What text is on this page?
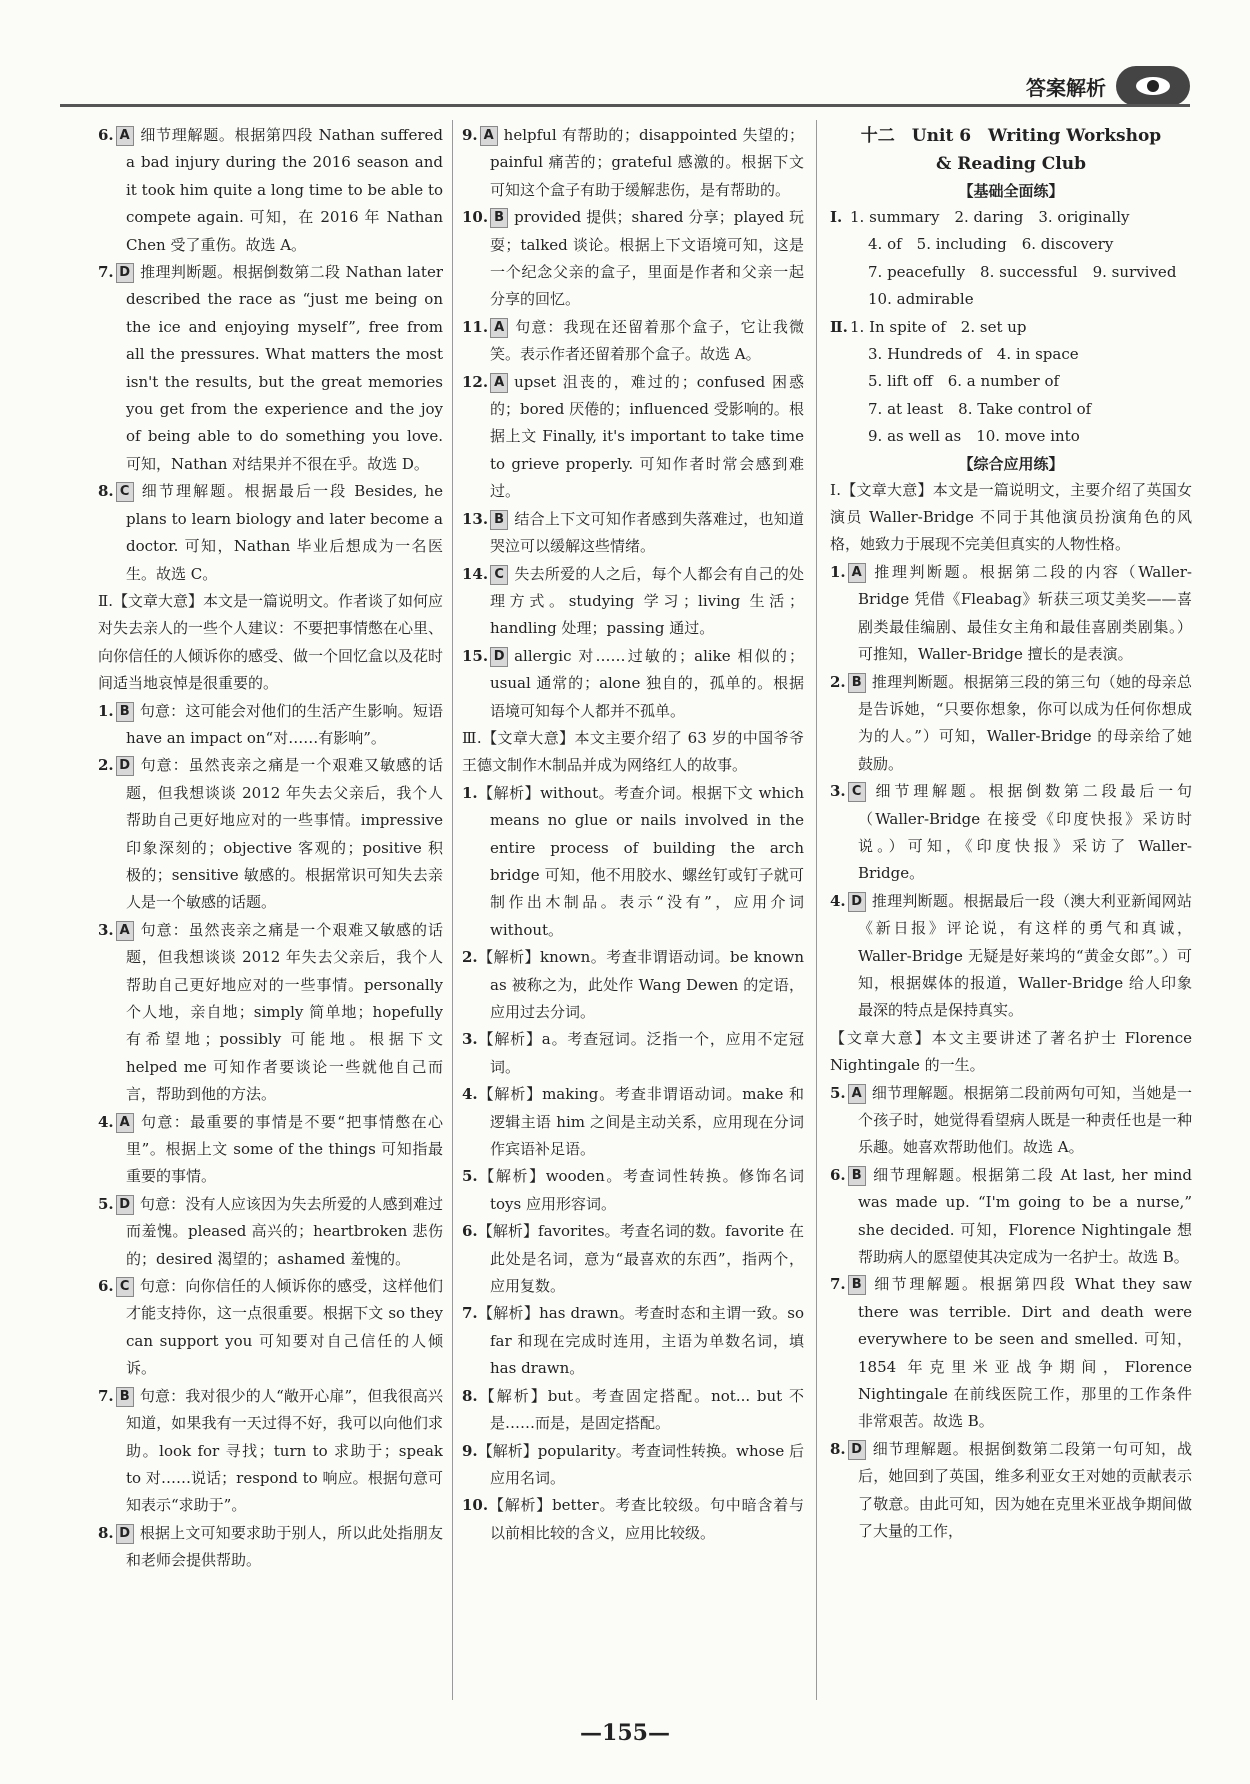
答案解析

6. A 细节理解题。根据第四段 Nathan suffered a bad injury during the 2016 season and it took him quite a long time to be able to compete again. 可知，在 2016 年 Nathan Chen 受了重伤。故选 A。

7. D 推理判断题。根据倒数第二段 Nathan later described the race as “just me being on the ice and enjoying myself”, free from all the pressures. What matters the most isn't the results, but the great memories you get from the experience and the joy of being able to do something you love. 可知，Nathan 对结果并不很在乎。故选 D。

8. C 细节理解题。根据最后一段 Besides, he plans to learn biology and later become a doctor. 可知，Nathan 毕业后想成为一名医生。故选 C。

Ⅱ.【文章大意】本文是一篇说明文。作者谈了如何应对失去亲人的一些个人建议：不要把事情憋在心里、向你信任的人倾诉你的感受、做一个回忆盒以及花时间适当地哀悼是很重要的。

1. B 句意：这可能会对他们的生活产生影响。短语 have an impact on“对……有影响”。

2. D 句意：虽然丧亲之痛是一个艰难又敏感的话题，但我想谈谈 2012 年失去父亲后，我个人帮助自己更好地应对的一些事情。impressive 印象深刻的；objective 客观的；positive 积极的；sensitive 敏感的。根据常识可知失去亲人是一个敏感的话题。

3. A 句意：虽然丧亲之痛是一个艰难又敏感的话题，但我想谈谈 2012 年失去父亲后，我个人帮助自己更好地应对的一些事情。personally 个人地，亲自地；simply 简单地；hopefully 有希望地；possibly 可能地。根据下文 helped me 可知作者要谈论一些就他自己而言，帮助到他的方法。

4. A 句意：最重要的事情是不要“把事情憋在心里”。根据上文 some of the things 可知指最重要的事情。

5. D 句意：没有人应该因为失去所爱的人感到难过而羞愧。pleased 高兴的；heartbroken 悲伤的；desired 渴望的；ashamed 羞愧的。

6. C 句意：向你信任的人倾诉你的感受，这样他们才能支持你，这一点很重要。根据下文 so they can support you 可知要对自己信任的人倾诉。

7. B 句意：我对很少的人“敞开心扉”，但我很高兴知道，如果我有一天过得不好，我可以向他们求助。look for 寻找；turn to 求助于；speak to 对……说话；respond to 响应。根据句意可知表示“求助于”。

8. D 根据上文可知要求助于别人，所以此处指朋友和老师会提供帮助。

9. A helpful 有帮助的；disappointed 失望的；painful 痛苦的；grateful 感激的。根据下文可知这个盒子有助于缓解悲伤，是有帮助的。

10. B provided 提供；shared 分享；played 玩耍；talked 谈论。根据上下文语境可知，这是一个纪念父亲的盒子，里面是作者和父亲一起分享的回忆。

11. A 句意：我现在还留着那个盒子，它让我微笑。表示作者还留着那个盒子。故选 A。

12. A upset 沮丧的，难过的；confused 困惑的；bored 厌倦的；influenced 受影响的。根据上文 Finally, it's important to take time to grieve properly. 可知作者时常会感到难过。

13. B 结合上下文可知作者感到失落难过，也知道哭泣可以缓解这些情绪。

14. C 失去所爱的人之后，每个人都会有自己的处理方式。studying 学习；living 生活；handling 处理；passing 通过。

15. D allergic 对……过敏的；alike 相似的；usual 通常的；alone 独自的，孤单的。根据语境可知每个人都并不孤单。

Ⅲ.【文章大意】本文主要介绍了 63 岁的中国爷爷王德文制作木制品并成为网络红人的故事。

1.【解析】without。考查介词。根据下文 which means no glue or nails involved in the entire process of building the arch bridge 可知，他不用胶水、螺丝钉或钉子就可制作出木制品。表示“没有”，应用介词 without。

2.【解析】known。考查非谓语动词。be known as 被称之为，此处作 Wang Dewen 的定语，应用过去分词。

3.【解析】a。考查冠词。泛指一个，应用不定冠词。

4.【解析】making。考查非谓语动词。make 和逻辑主语 him 之间是主动关系，应用现在分词作宾语补足语。

5.【解析】wooden。考查词性转换。修饰名词 toys 应用形容词。

6.【解析】favorites。考查名词的数。favorite 在此处是名词，意为“最喜欢的东西”，指两个，应用复数。

7.【解析】has drawn。考查时态和主谓一致。so far 和现在完成时连用，主语为单数名词，填 has drawn。

8.【解析】but。考查固定搭配。not... but 不是……而是，是固定搭配。

9.【解析】popularity。考查词性转换。whose 后应用名词。

10.【解析】better。考查比较级。句中暗含着与以前相比较的含义，应用比较级。

十二　Unit 6　Writing Workshop

& Reading Club

【基础全面练】

Ⅰ. 1. summary　2. daring　3. originally

4. of　5. including　6. discovery

7. peacefully　8. successful　9. survived

10. admirable

Ⅱ. 1. In spite of　2. set up

3. Hundreds of　4. in space

5. lift off　6. a number of

7. at least　8. Take control of

9. as well as　10. move into

【综合应用练】

Ⅰ.【文章大意】本文是一篇说明文，主要介绍了英国女演员 Waller-Bridge 不同于其他演员扮演角色的风格，她致力于展现不完美但真实的人物性格。

1. A 推理判断题。根据第二段的内容（Waller-Bridge 凭借《Fleabag》斩获三项艾美奖——喜剧类最佳编剧、最佳女主角和最佳喜剧类剧集。）可推知，Waller-Bridge 擅长的是表演。

2. B 推理判断题。根据第三段的第三句（她的母亲总是告诉她，“只要你想象，你可以成为任何你想成为的人。”）可知，Waller-Bridge 的母亲给了她鼓励。

3. C 细节理解题。根据倒数第二段最后一句（Waller-Bridge 在接受《印度快报》采访时说。）可知，《印度快报》采访了 Waller-Bridge。

4. D 推理判断题。根据最后一段（澳大利亚新闻网站《新日报》评论说，有这样的勇气和真诚，Waller-Bridge 无疑是好莱坞的“黄金女郎”。）可知，根据媒体的报道，Waller-Bridge 给人印象最深的特点是保持真实。

【文章大意】本文主要讲述了著名护士 Florence Nightingale 的一生。

5. A 细节理解题。根据第二段前两句可知，当她是一个孩子时，她觉得看望病人既是一种责任也是一种乐趣。她喜欢帮助他们。故选 A。

6. B 细节理解题。根据第二段 At last, her mind was made up. “I'm going to be a nurse,” she decided. 可知，Florence Nightingale 想帮助病人的愿望使其决定成为一名护士。故选 B。

7. B 细节理解题。根据第四段 What they saw there was terrible. Dirt and death were everywhere to be seen and smelled. 可知，1854 年克里米亚战争期间，Florence Nightingale 在前线医院工作，那里的工作条件非常艰苦。故选 B。

8. D 细节理解题。根据倒数第二段第一句可知，战后，她回到了英国，维多利亚女王对她的贡献表示了敬意。由此可知，因为她在克里米亚战争期间做了大量的工作，

—155—
